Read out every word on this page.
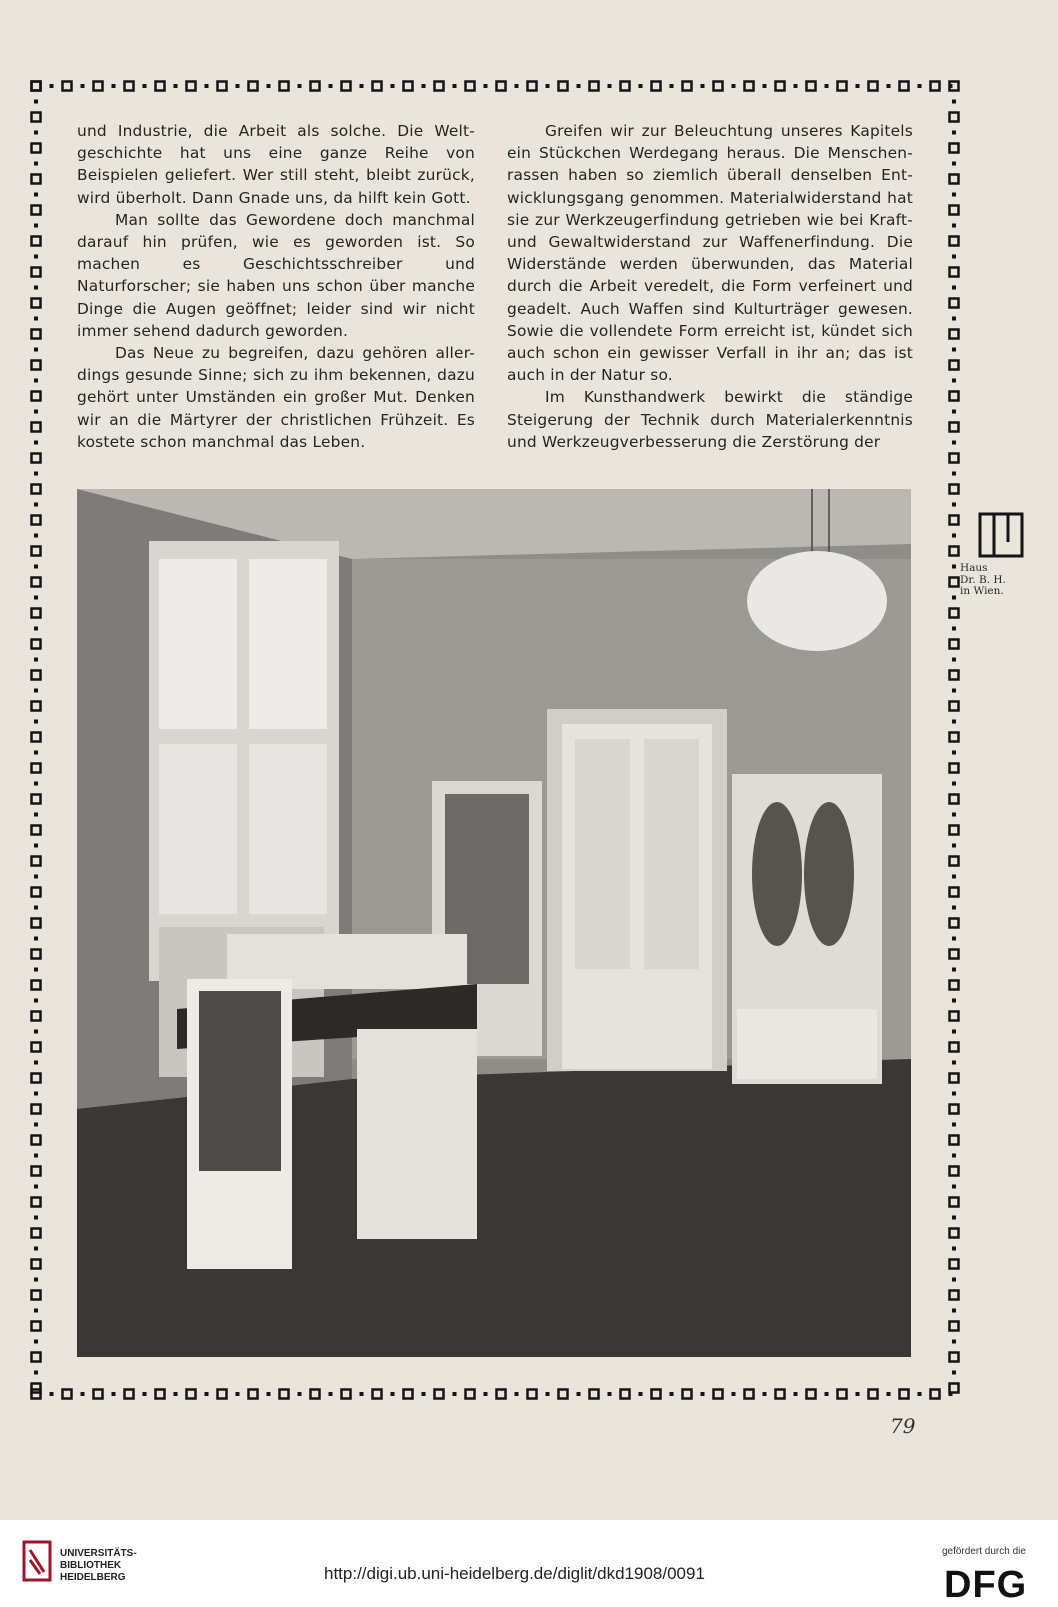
und Industrie, die Arbeit als solche. Die Welt-geschichte hat uns eine ganze Reihe von Beispielen geliefert. Wer still steht, bleibt zurück, wird überholt. Dann Gnade uns, da hilft kein Gott.

Man sollte das Gewordene doch manchmal darauf hin prüfen, wie es geworden ist. So machen es Geschichtsschreiber und Naturforscher; sie haben uns schon über manche Dinge die Augen geöffnet; leider sind wir nicht immer sehend dadurch geworden.

Das Neue zu begreifen, dazu gehören aller-dings gesunde Sinne; sich zu ihm bekennen, dazu gehört unter Umständen ein großer Mut. Denken wir an die Märtyrer der christlichen Frühzeit. Es kostete schon manchmal das Leben.

Greifen wir zur Beleuchtung unseres Kapitels ein Stückchen Werdegang heraus. Die Menschen-rassen haben so ziemlich überall denselben Ent-wicklungsgang genommen. Materialwiderstand hat sie zur Werkzeugerfindung getrieben wie bei Kraft- und Gewaltwiderstand zur Waffenerfindung. Die Widerstände werden überwunden, das Material durch die Arbeit veredelt, die Form verfeinert und geadelt. Auch Waffen sind Kulturträger gewesen. Sowie die vollendete Form erreicht ist, kündet sich auch schon ein gewisser Verfall in ihr an; das ist auch in der Natur so.

Im Kunsthandwerk bewirkt die ständige Steigerung der Technik durch Materialerkenntnis und Werkzeugverbesserung die Zerstörung der

Haus
Dr. B. H.
in Wien.
79
UNIVERSITÄTS-
BIBLIOTHEK
HEIDELBERG	http://digi.ub.uni-heidelberg.de/diglit/dkd1908/0091
gefördert durch die
DFG
